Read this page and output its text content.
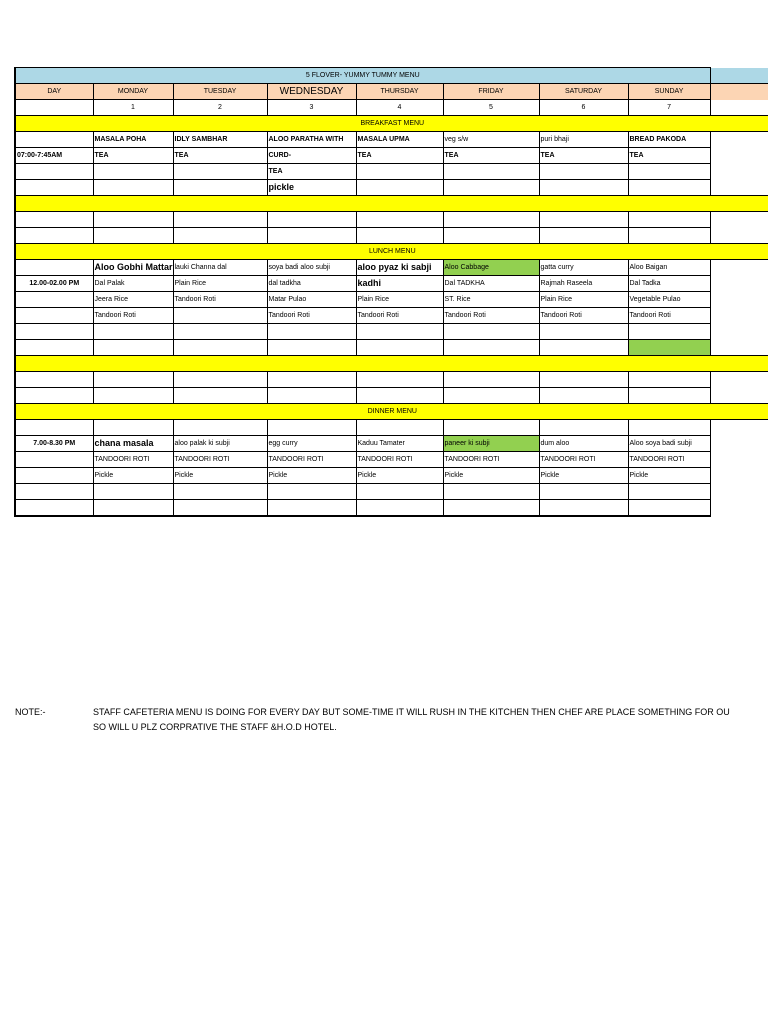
5 FLOVER- YUMMY TUMMY MENU								
DAY	MONDAY	TUESDAY	WEDNESDAY	THURSDAY	FRIDAY	SATURDAY	SUNDAY	
	1	2	3	4	5	6	7	
BREAKFAST MENU								
	MASALA POHA	IDLY SAMBHAR	ALOO PARATHA WITH	MASALA UPMA	veg s/w	puri bhaji	BREAD PAKODA	
07:00-7:45AM	TEA	TEA	CURD-	TEA	TEA	TEA	TEA	
			TEA					
			pickle					

LUNCH MENU								
	Aloo Gobhi Mattar	lauki Channa dal	soya badi aloo subji	aloo pyaz ki sabji	Aloo Cabbage	gatta curry	Aloo Baigan	
12.00-02.00 PM	Dal Palak	Plain Rice	dal tadkha	kadhi	Dal TADKHA	Rajmah Raseela	Dal Tadka	
	Jeera Rice	Tandoori Roti	Matar Pulao	Plain Rice	ST. Rice	Plain Rice	Vegetable Pulao	
	Tandoori Roti		Tandoori Roti	Tandoori Roti	Tandoori Roti	Tandoori Roti	Tandoori Roti	

DINNER MENU								

7.00-8.30 PM	chana masala	aloo palak ki subji	egg curry	Kaduu Tamater	paneer ki subji	dum aloo	Aloo soya badi subji	
	TANDOORI ROTI	TANDOORI ROTI	TANDOORI ROTI	TANDOORI ROTI	TANDOORI ROTI	TANDOORI ROTI	TANDOORI ROTI	
	Pickle	Pickle	Pickle	Pickle	Pickle	Pickle	Pickle	

NOTE:-	STAFF CAFETERIA MENU IS DOING FOR EVERY DAY BUT SOME-TIME IT WILL RUSH IN THE KITCHEN THEN CHEF ARE PLACE SOMETHING FOR OU
SO WILL U PLZ CORPRATIVE THE STAFF &H.O.D HOTEL.
